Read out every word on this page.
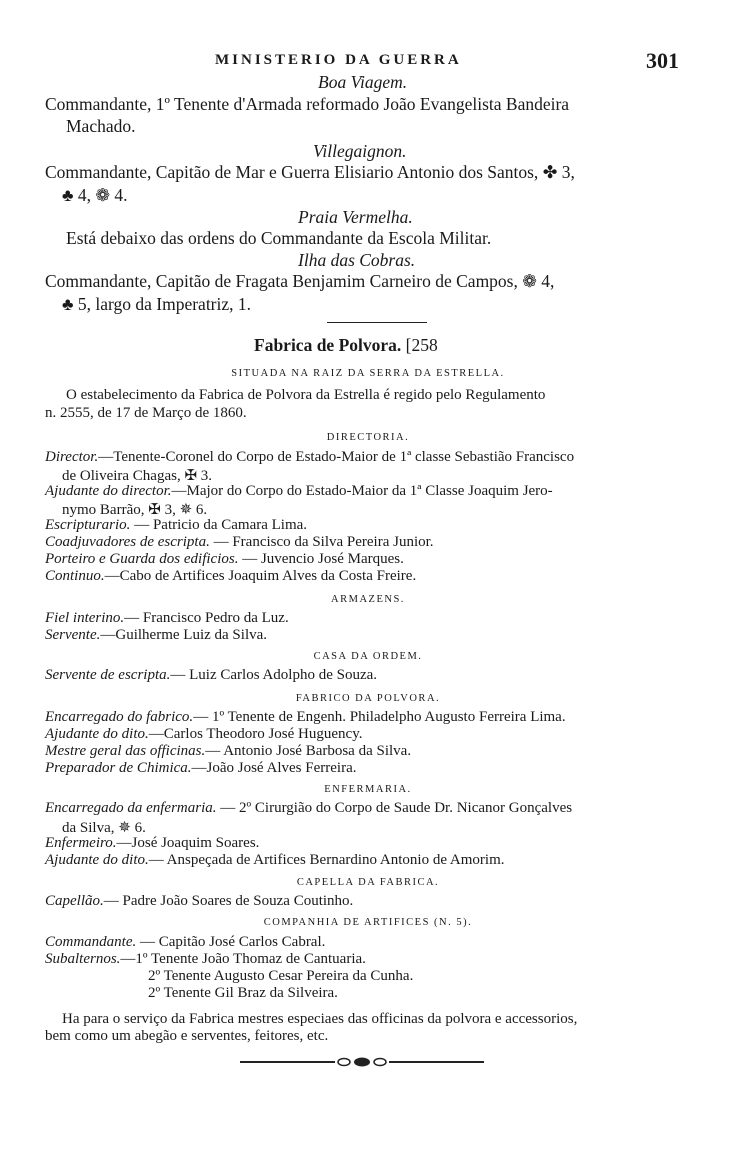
MINISTERIO DA GUERRA	301
Boa Viagem.
Commandante, 1º Tenente d'Armada reformado João Evangelista Bandeira
Machado.
Villegaignon.
Commandante, Capitão de Mar e Guerra Elisiario Antonio dos Santos, ✤ 3,
♣ 4, ❁ 4.
Praia Vermelha.
Está debaixo das ordens do Commandante da Escola Militar.
Ilha das Cobras.
Commandante, Capitão de Fragata Benjamim Carneiro de Campos, ❁ 4,
♣ 5, largo da Imperatriz, 1.
Fabrica de Polvora. [258
SITUADA NA RAIZ DA SERRA DA ESTRELLA.
O estabelecimento da Fabrica de Polvora da Estrella é regido pelo Regulamento
n. 2555, de 17 de Março de 1860.
DIRECTORIA.
Director.—Tenente-Coronel do Corpo de Estado-Maior de 1ª classe Sebastião Francisco
de Oliveira Chagas, ✠ 3.
Ajudante do director.—Major do Corpo do Estado-Maior da 1ª Classe Joaquim Jero-
nymo Barrão, ✠ 3, ✵ 6.
Escripturario. — Patricio da Camara Lima.
Coadjuvadores de escripta. — Francisco da Silva Pereira Junior.
Porteiro e Guarda dos edificios. — Juvencio José Marques.
Continuo.—Cabo de Artifices Joaquim Alves da Costa Freire.
ARMAZENS.
Fiel interino.— Francisco Pedro da Luz.
Servente.—Guilherme Luiz da Silva.
CASA DA ORDEM.
Servente de escripta.— Luiz Carlos Adolpho de Souza.
FABRICO DA POLVORA.
Encarregado do fabrico.— 1º Tenente de Engenh. Philadelpho Augusto Ferreira Lima.
Ajudante do dito.—Carlos Theodoro José Huguency.
Mestre geral das officinas.— Antonio José Barbosa da Silva.
Preparador de Chimica.—João José Alves Ferreira.
ENFERMARIA.
Encarregado da enfermaria. — 2º Cirurgião do Corpo de Saude Dr. Nicanor Gonçalves
da Silva, ✵ 6.
Enfermeiro.—José Joaquim Soares.
Ajudante do dito.— Anspeçada de Artifices Bernardino Antonio de Amorim.
CAPELLA DA FABRICA.
Capellão.— Padre João Soares de Souza Coutinho.
COMPANHIA DE ARTIFICES (N. 5).
Commandante. — Capitão José Carlos Cabral.
Subalternos.—1º Tenente João Thomaz de Cantuaria.
2º Tenente Augusto Cesar Pereira da Cunha.
2º Tenente Gil Braz da Silveira.
Ha para o serviço da Fabrica mestres especiaes das officinas da polvora e accessorios,
bem como um abegão e serventes, feitores, etc.
